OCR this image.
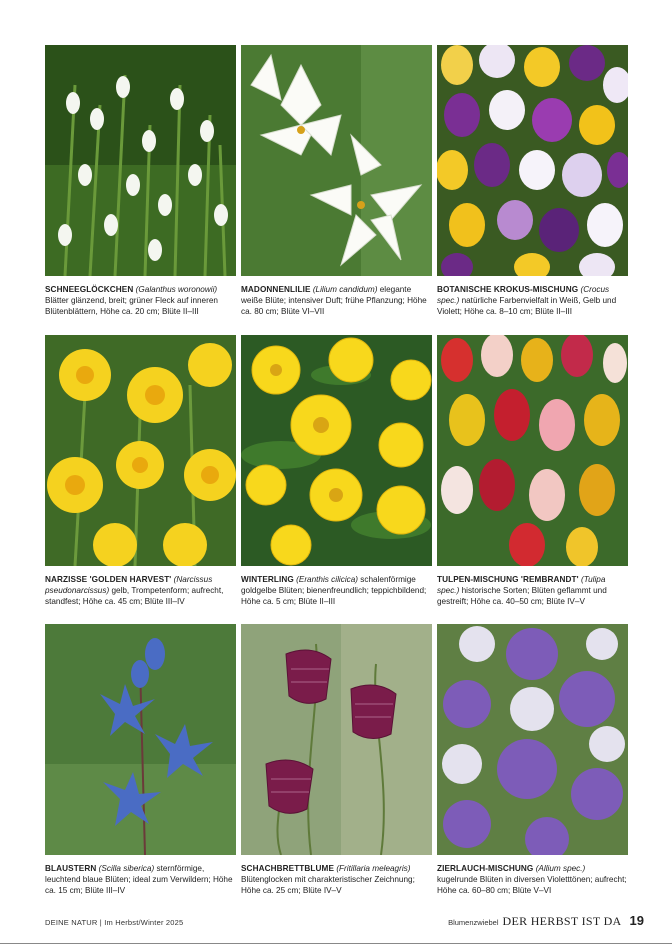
SCHNEEGLÖCKCHEN (Galanthus woronowii) Blätter glänzend, breit; grüner Fleck auf inneren Blütenblättern, Höhe ca. 20 cm; Blüte II–III
MADONNENLILIE (Lilium candidum) elegante weiße Blüte; intensiver Duft; frühe Pflanzung; Höhe ca. 80 cm; Blüte VI–VII
BOTANISCHE KROKUS-MISCHUNG (Crocus spec.) natürliche Farbenvielfalt in Weiß, Gelb und Violett; Höhe ca. 8–10 cm; Blüte II–III
NARZISSE 'GOLDEN HARVEST' (Narcissus pseudonarcissus) gelb, Trompetenform; aufrecht, standfest; Höhe ca. 45 cm; Blüte III–IV
WINTERLING (Eranthis cilicica) schalenförmige goldgelbe Blüten; bienenfreundlich; teppichbildend; Höhe ca. 5 cm; Blüte II–III
TULPEN-MISCHUNG 'REMBRANDT' (Tulipa spec.) historische Sorten; Blüten geflammt und gestreift; Höhe ca. 40–50 cm; Blüte IV–V
BLAUSTERN (Scilla siberica) sternförmige, leuchtend blaue Blüten; ideal zum Verwildern; Höhe ca. 15 cm; Blüte III–IV
SCHACHBRETTBLUME (Fritillaria meleagris) Blütenglocken mit charakteristischer Zeichnung; Höhe ca. 25 cm; Blüte IV–V
ZIERLAUCH-MISCHUNG (Allium spec.) kugelrunde Blüten in diversen Violetttönen; aufrecht; Höhe ca. 60–80 cm; Blüte V–VI
DEINE NATUR | Im Herbst/Winter 2025	Blumenzwiebel DER HERBST IST DA 19
